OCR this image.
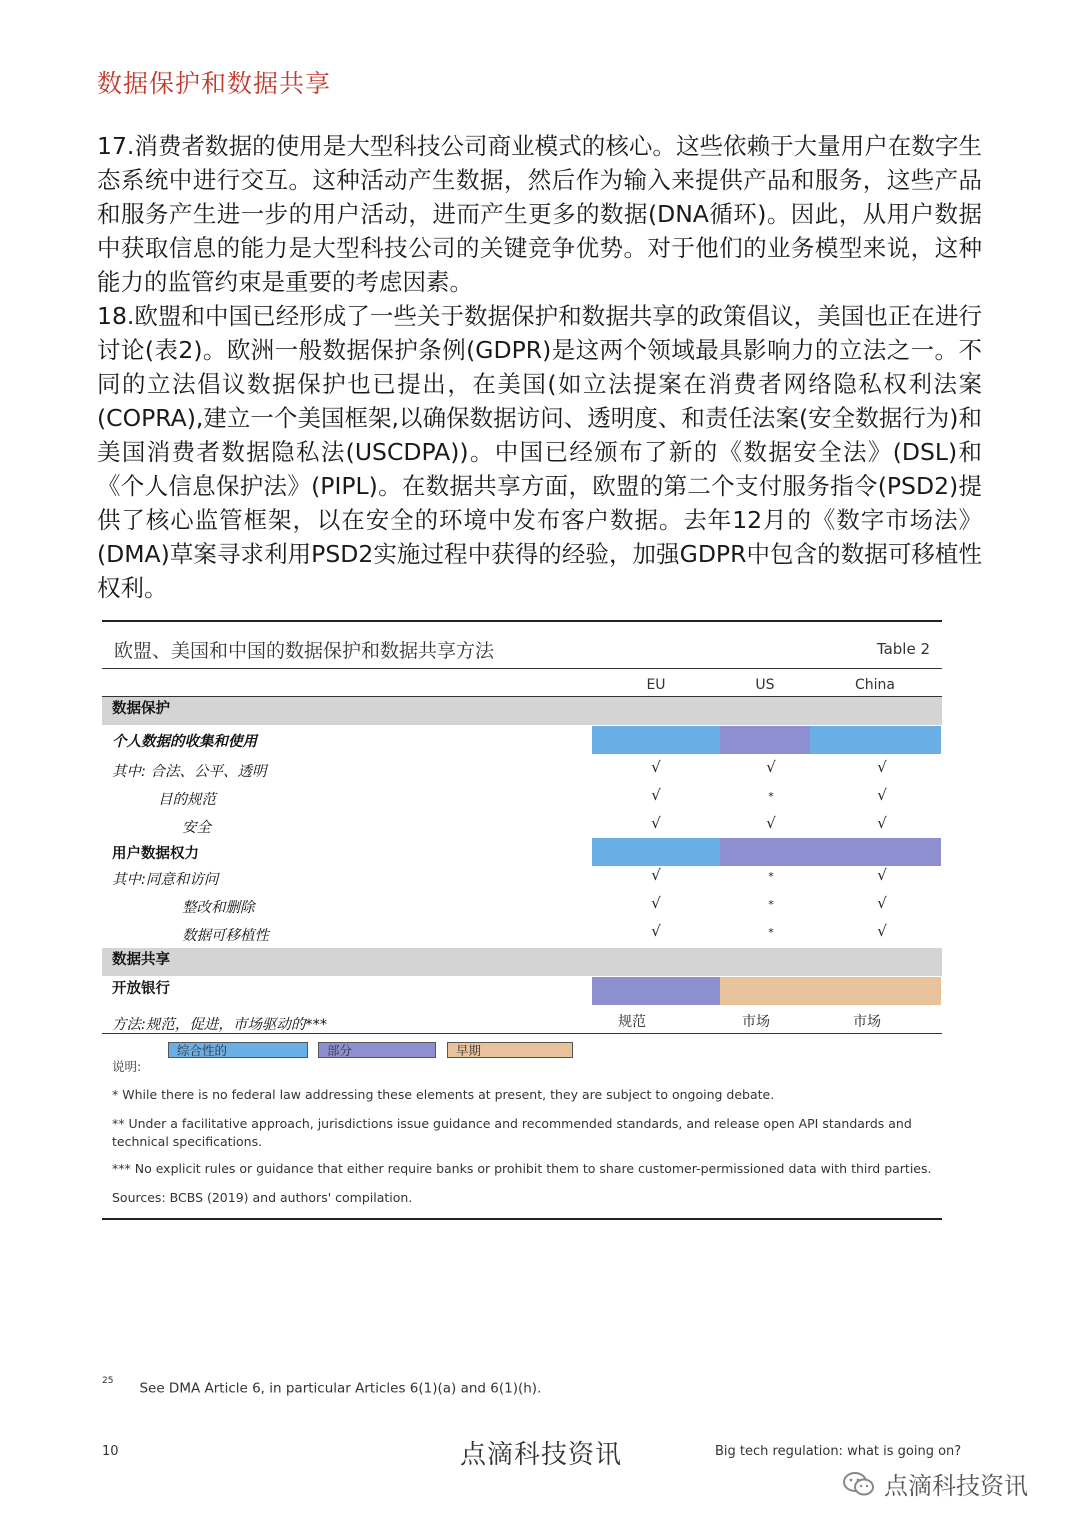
数据保护和数据共享

17.消费者数据的使用是大型科技公司商业模式的核心。这些依赖于大量用户在数字生态系统中进行交互。这种活动产生数据，然后作为输入来提供产品和服务，这些产品和服务产生进一步的用户活动，进而产生更多的数据(DNA循环)。因此，从用户数据中获取信息的能力是大型科技公司的关键竞争优势。对于他们的业务模型来说，这种能力的监管约束是重要的考虑因素。

18.欧盟和中国已经形成了一些关于数据保护和数据共享的政策倡议，美国也正在进行讨论(表2)。欧洲一般数据保护条例(GDPR)是这两个领域最具影响力的立法之一。不同的立法倡议数据保护也已提出，在美国(如立法提案在消费者网络隐私权利法案(COPRA),建立一个美国框架,以确保数据访问、透明度、和责任法案(安全数据行为)和美国消费者数据隐私法(USCDPA))。中国已经颁布了新的《数据安全法》(DSL)和《个人信息保护法》(PIPL)。在数据共享方面，欧盟的第二个支付服务指令(PSD2)提供了核心监管框架，以在安全的环境中发布客户数据。去年12月的《数字市场法》(DMA)草案寻求利用PSD2实施过程中获得的经验，加强GDPR中包含的数据可移植性权利。

欧盟、美国和中国的数据保护和数据共享方法	Table 2
EU	US	China
数据保护
个人数据的收集和使用
其中: 合法、公平、透明	√	√	√
目的规范	√	*	√
安全	√	√	√
用户数据权力
其中:同意和访问	√	*	√
整改和删除	√	*	√
数据可移植性	√	*	√
数据共享
开放银行
方法:规范，促进，市场驱动的***	规范	市场	市场
综合性的	部分	早期
说明:
* While there is no federal law addressing these elements at present, they are subject to ongoing debate.
** Under a facilitative approach, jurisdictions issue guidance and recommended standards, and release open API standards and technical specifications.
*** No explicit rules or guidance that either require banks or prohibit them to share customer-permissioned data with third parties.
Sources: BCBS (2019) and authors' compilation.
$^{25}$ See DMA Article 6, in particular Articles 6(1)(a) and 6(1)(h).
10	点滴科技资讯	Big tech regulation: what is going on?
点滴科技资讯
